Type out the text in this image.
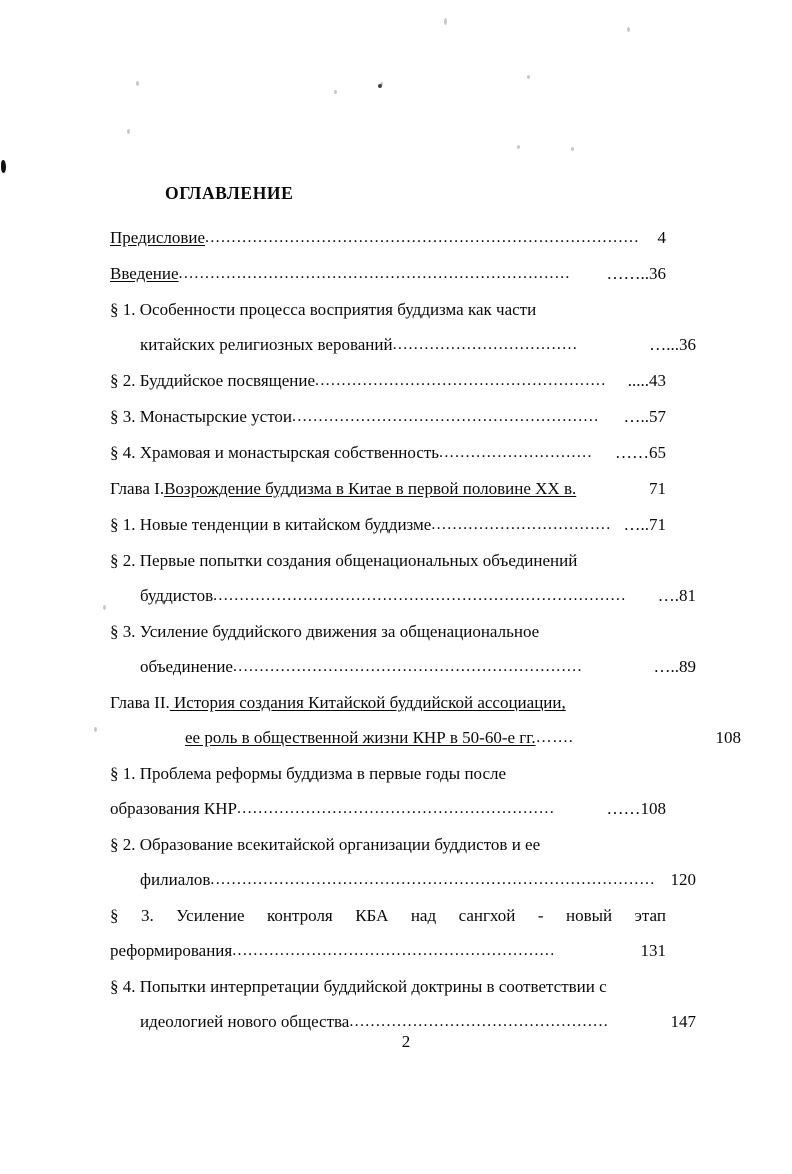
ОГЛАВЛЕНИЕ
Предисловие ..................................................................................	4
Введение ..........................................................................	…….. 36
§ 1. Особенности процесса восприятия буддизма как части
китайских религиозных верований ...................................	…... 36
§ 2. Буддийское посвящение .......................................................	.... .43
§ 3. Монастырские устои ..........................................................	….. 57
§ 4. Храмовая и монастырская собственность .............................	…… 65
Глава I. Возрождение буддизма в Китае в первой половине XX в.
	71
§ 1. Новые тенденции в китайском буддизме .................................. ….. 71
§ 2. Первые попытки создания общенациональных объединений
буддистов ..............................................................................	…. 81
§ 3. Усиление буддийского движения за общенациональное
объединение ..................................................................	….. 89
Глава II. История создания Китайской буддийской ассоциации,
ее роль в общественной жизни КНР в 50-60-е гг. …....	108
§ 1. Проблема реформы буддизма в первые годы после
образования КНР ............................................................	…… 108
§ 2. Образование всекитайской организации буддистов и ее
филиалов .................................................................................... 120
§ 3. Усиление контроля КБА над сангхой - новый этап
реформирования .............................................................	131
§ 4. Попытки интерпретации буддийской доктрины в соответствии с
идеологией нового общества .................................................	147
2
